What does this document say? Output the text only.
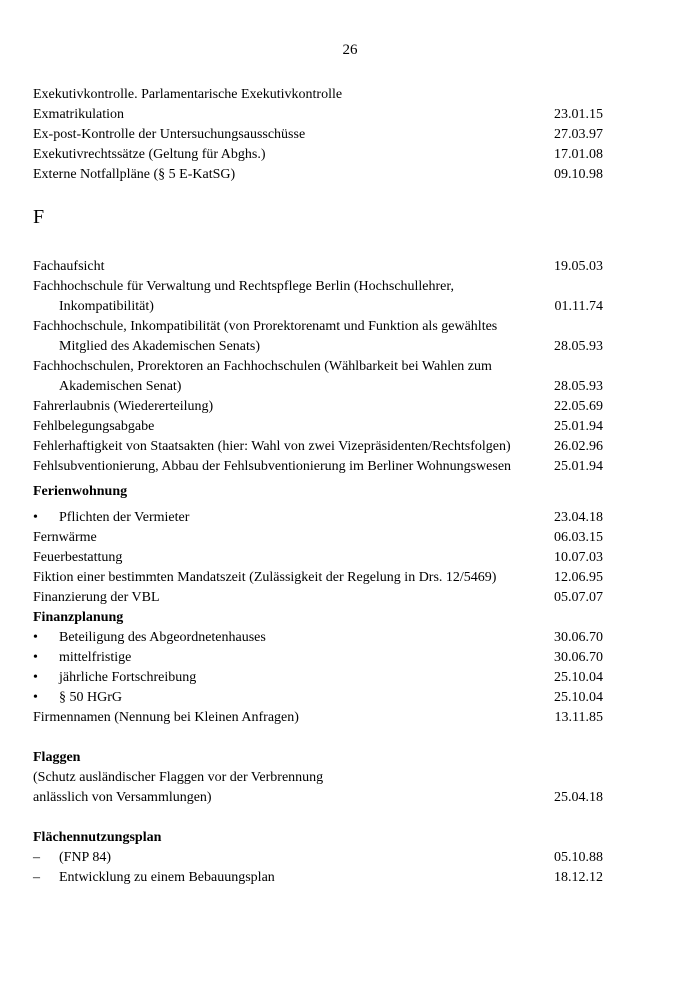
26
Exekutivkontrolle. Parlamentarische Exekutivkontrolle
Exmatrikulation	23.01.15
Ex-post-Kontrolle der Untersuchungsausschüsse	27.03.97
Exekutivrechtssätze (Geltung für Abghs.)	17.01.08
Externe Notfallpläne (§ 5 E-KatSG)	09.10.98
F
Fachaufsicht	19.05.03
Fachhochschule für Verwaltung und Rechtspflege Berlin (Hochschullehrer,
Inkompatibilität)	01.11.74
Fachhochschule, Inkompatibilität (von Prorektorenamt und Funktion als gewähltes
Mitglied des Akademischen Senats)	28.05.93
Fachhochschulen, Prorektoren an Fachhochschulen (Wählbarkeit bei Wahlen zum
Akademischen Senat)	28.05.93
Fahrerlaubnis (Wiedererteilung)	22.05.69
Fehlbelegungsabgabe	25.01.94
Fehlerhaftigkeit von Staatsakten (hier: Wahl von zwei Vizepräsidenten/Rechtsfolgen)	26.02.96
Fehlsubventionierung, Abbau der Fehlsubventionierung im Berliner Wohnungswesen	25.01.94
Ferienwohnung
•	Pflichten der Vermieter	23.04.18
Fernwärme	06.03.15
Feuerbestattung	10.07.03
Fiktion einer bestimmten Mandatszeit (Zulässigkeit der Regelung in Drs. 12/5469)	12.06.95
Finanzierung der VBL	05.07.07
Finanzplanung
•	Beteiligung des Abgeordnetenhauses	30.06.70
•	mittelfristige	30.06.70
•	jährliche Fortschreibung	25.10.04
•	§ 50 HGrG	25.10.04
Firmennamen (Nennung bei Kleinen Anfragen)	13.11.85
Flaggen
(Schutz ausländischer Flaggen vor der Verbrennung
anlässlich von Versammlungen)	25.04.18
Flächennutzungsplan
–	(FNP 84)	05.10.88
–	Entwicklung zu einem Bebauungsplan	18.12.12
